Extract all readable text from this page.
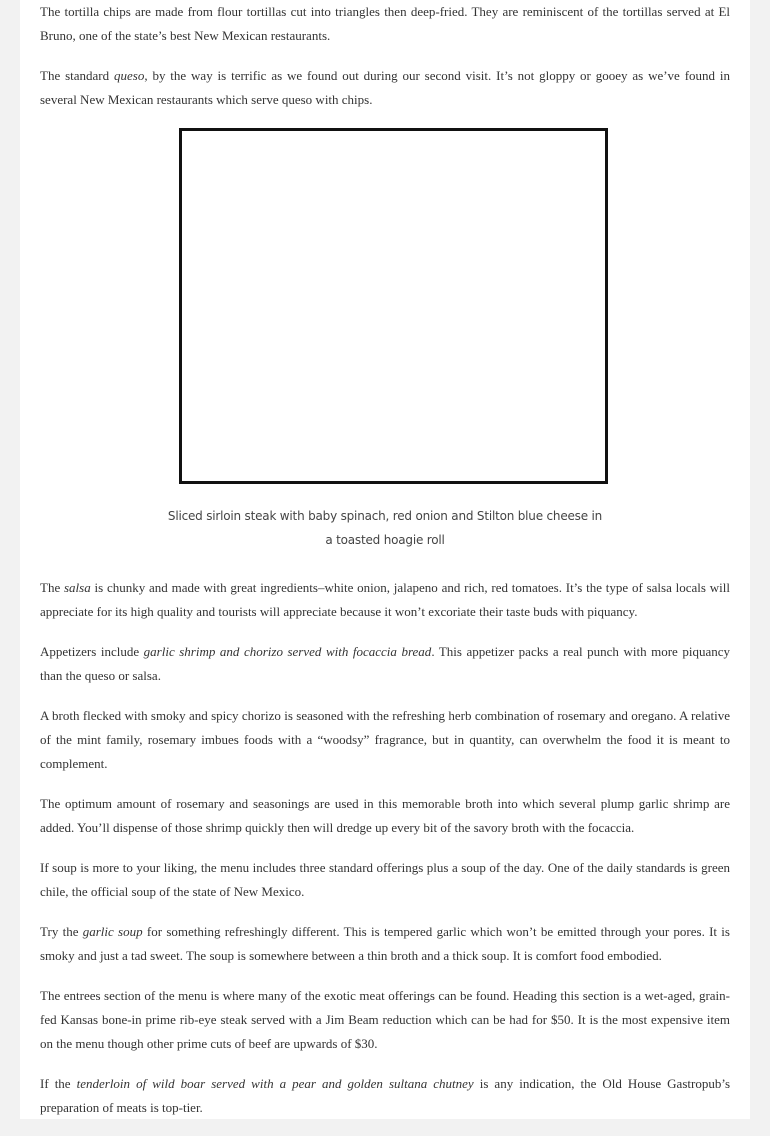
The tortilla chips are made from flour tortillas cut into triangles then deep-fried. They are reminiscent of the tortillas served at El Bruno, one of the state’s best New Mexican restaurants.

The standard queso, by the way is terrific as we found out during our second visit. It’s not gloppy or gooey as we’ve found in several New Mexican restaurants which serve queso with chips.

Sliced sirloin steak with baby spinach, red onion and Stilton blue cheese in a toasted hoagie roll

The salsa is chunky and made with great ingredients–white onion, jalapeno and rich, red tomatoes. It’s the type of salsa locals will appreciate for its high quality and tourists will appreciate because it won’t excoriate their taste buds with piquancy.

Appetizers include garlic shrimp and chorizo served with focaccia bread. This appetizer packs a real punch with more piquancy than the queso or salsa.

A broth flecked with smoky and spicy chorizo is seasoned with the refreshing herb combination of rosemary and oregano. A relative of the mint family, rosemary imbues foods with a “woodsy” fragrance, but in quantity, can overwhelm the food it is meant to complement.

The optimum amount of rosemary and seasonings are used in this memorable broth into which several plump garlic shrimp are added. You’ll dispense of those shrimp quickly then will dredge up every bit of the savory broth with the focaccia.

If soup is more to your liking, the menu includes three standard offerings plus a soup of the day. One of the daily standards is green chile, the official soup of the state of New Mexico.

Try the garlic soup for something refreshingly different. This is tempered garlic which won’t be emitted through your pores. It is smoky and just a tad sweet. The soup is somewhere between a thin broth and a thick soup. It is comfort food embodied.

The entrees section of the menu is where many of the exotic meat offerings can be found. Heading this section is a wet-aged, grain-fed Kansas bone-in prime rib-eye steak served with a Jim Beam reduction which can be had for $50. It is the most expensive item on the menu though other prime cuts of beef are upwards of $30.

If the tenderloin of wild boar served with a pear and golden sultana chutney is any indication, the Old House Gastropub’s preparation of meats is top-tier.
